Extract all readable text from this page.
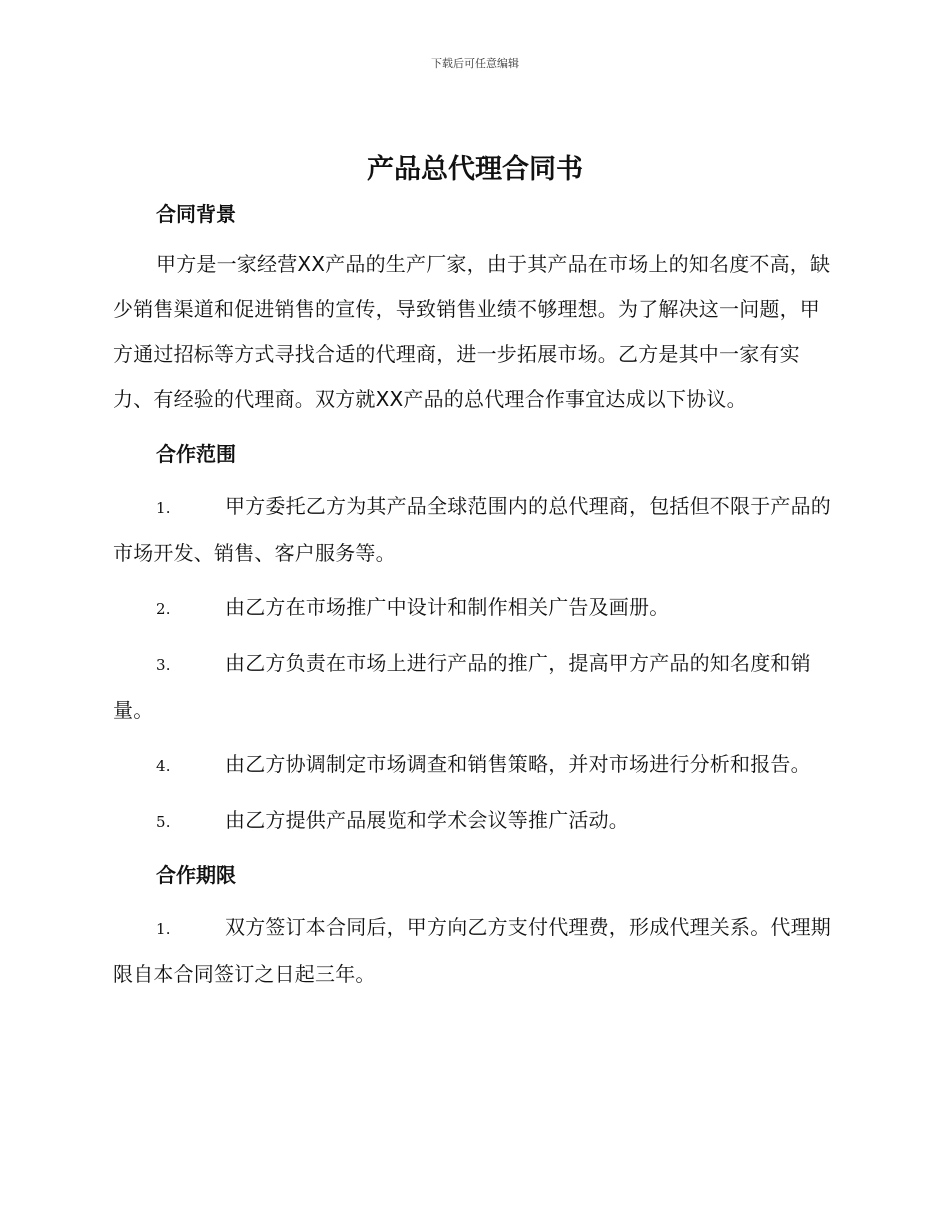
下载后可任意编辑
产品总代理合同书
合同背景

甲方是一家经营XX产品的生产厂家，由于其产品在市场上的知名度不高，缺少销售渠道和促进销售的宣传，导致销售业绩不够理想。为了解决这一问题，甲方通过招标等方式寻找合适的代理商，进一步拓展市场。乙方是其中一家有实力、有经验的代理商。双方就XX产品的总代理合作事宜达成以下协议。

合作范围

1.	甲方委托乙方为其产品全球范围内的总代理商，包括但不限于产品的市场开发、销售、客户服务等。

2.	由乙方在市场推广中设计和制作相关广告及画册。

3.	由乙方负责在市场上进行产品的推广，提高甲方产品的知名度和销量。

4.	由乙方协调制定市场调查和销售策略，并对市场进行分析和报告。

5.	由乙方提供产品展览和学术会议等推广活动。

合作期限

1.	双方签订本合同后，甲方向乙方支付代理费，形成代理关系。代理期限自本合同签订之日起三年。
